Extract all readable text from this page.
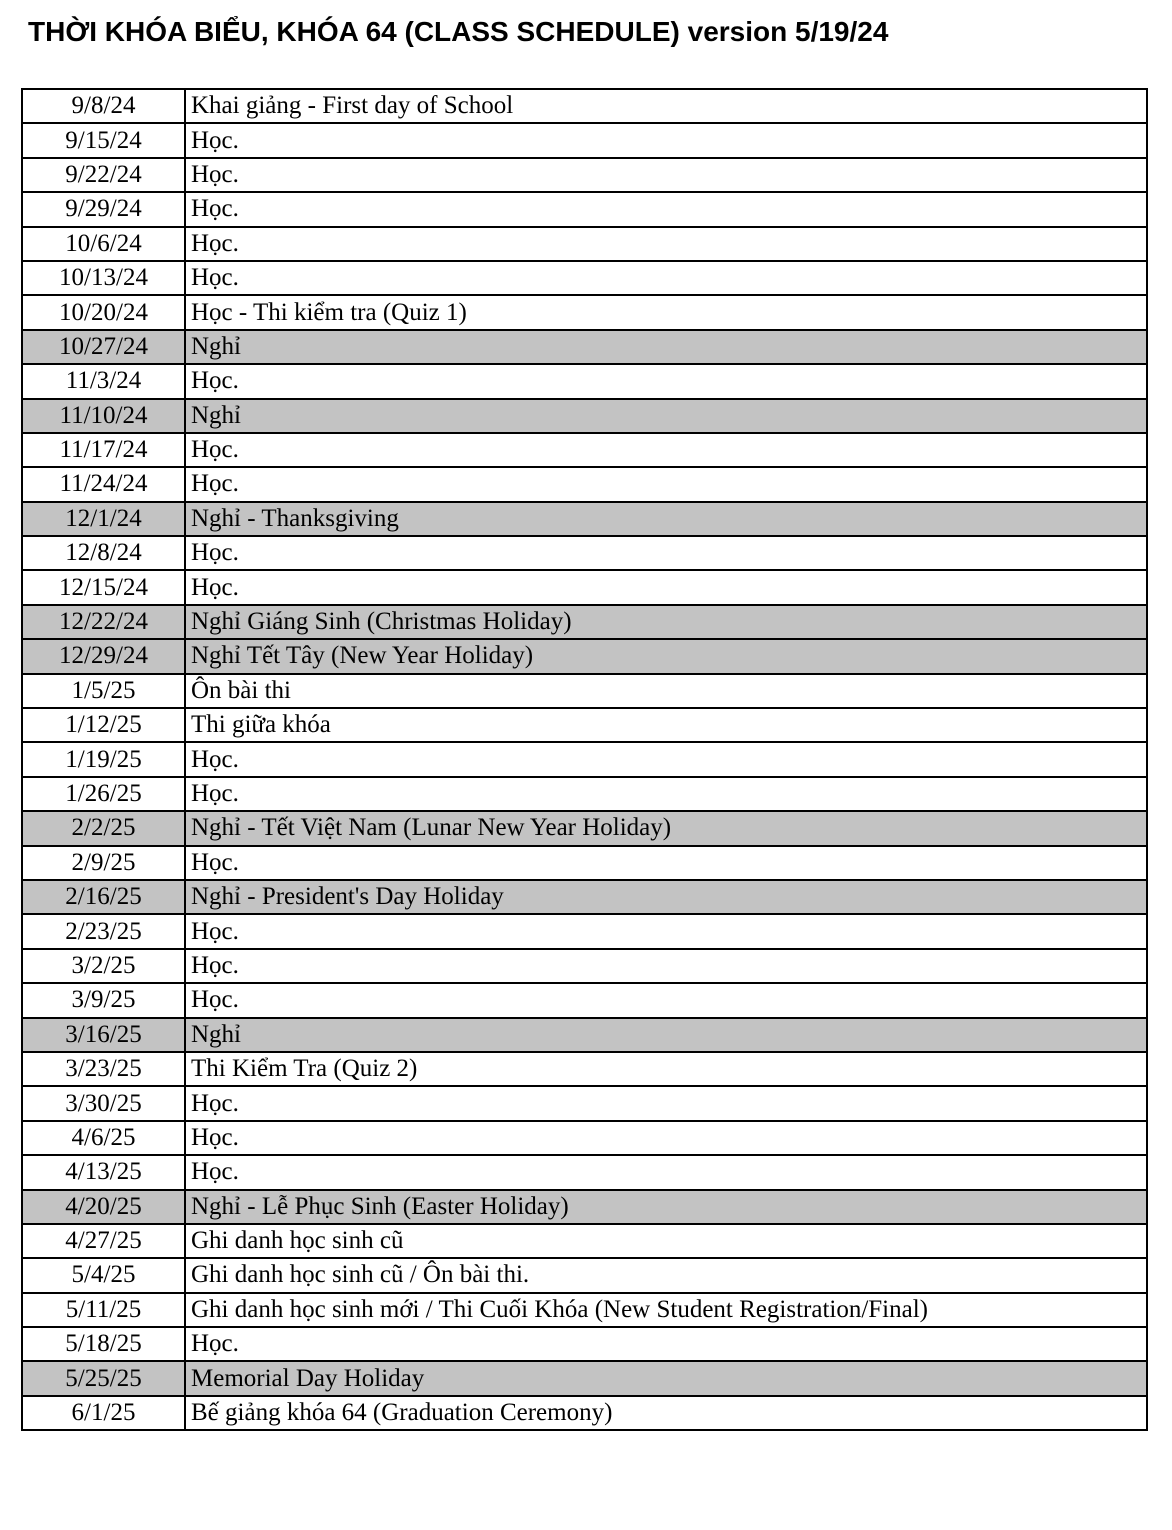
THỜI KHÓA BIỂU, KHÓA 64 (CLASS SCHEDULE) version 5/19/24
9/8/24	Khai giảng - First day of School
9/15/24	Học.
9/22/24	Học.
9/29/24	Học.
10/6/24	Học.
10/13/24	Học.
10/20/24	Học - Thi kiểm tra (Quiz 1)
10/27/24	Nghỉ
11/3/24	Học.
11/10/24	Nghỉ
11/17/24	Học.
11/24/24	Học.
12/1/24	Nghỉ - Thanksgiving
12/8/24	Học.
12/15/24	Học.
12/22/24	Nghỉ Giáng Sinh (Christmas Holiday)
12/29/24	Nghỉ Tết Tây (New Year Holiday)
1/5/25	Ôn bài thi
1/12/25	Thi giữa khóa
1/19/25	Học.
1/26/25	Học.
2/2/25	Nghỉ - Tết Việt Nam (Lunar New Year Holiday)
2/9/25	Học.
2/16/25	Nghỉ - President's Day Holiday
2/23/25	Học.
3/2/25	Học.
3/9/25	Học.
3/16/25	Nghỉ
3/23/25	Thi Kiểm Tra (Quiz 2)
3/30/25	Học.
4/6/25	Học.
4/13/25	Học.
4/20/25	Nghỉ - Lễ Phục Sinh (Easter Holiday)
4/27/25	Ghi danh học sinh cũ
5/4/25	Ghi danh học sinh cũ / Ôn bài thi.
5/11/25	Ghi danh học sinh mới / Thi Cuối Khóa (New Student Registration/Final)
5/18/25	Học.
5/25/25	Memorial Day Holiday
6/1/25	Bế giảng khóa 64 (Graduation Ceremony)
